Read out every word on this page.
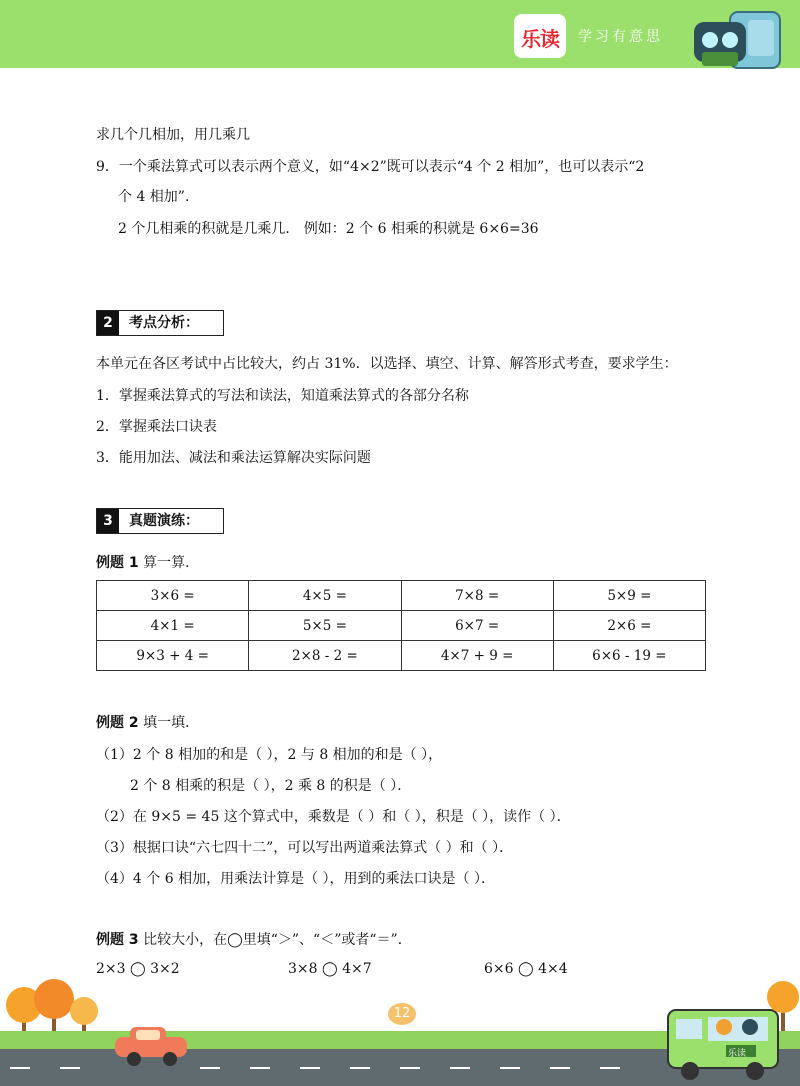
乐读	学习有意思
求几个几相加，用几乘几
9．一个乘法算式可以表示两个意义，如“4×2”既可以表示“4 个 2 相加”，也可以表示“2
个 4 相加”．
2 个几相乘的积就是几乘几． 例如：2 个 6 相乘的积就是 6×6=36
2	考点分析：
本单元在各区考试中占比较大，约占 31%．以选择、填空、计算、解答形式考查，要求学生：
1．掌握乘法算式的写法和读法，知道乘法算式的各部分名称
2．掌握乘法口诀表
3．能用加法、减法和乘法运算解决实际问题
3	真题演练：
例题 1 算一算．
3×6 =	4×5 =	7×8 =	5×9 =
4×1 =	5×5 =	6×7 =	2×6 =
9×3 + 4 =	2×8 - 2 =	4×7 + 9 =	6×6 - 19 =
例题 2 填一填．
（1）2 个 8 相加的和是（ ），2 与 8 相加的和是（ ），
2 个 8 相乘的积是（ ），2 乘 8 的积是（ ）．
（2）在 9×5 = 45 这个算式中，乘数是（ ）和（ ），积是（ ），读作（ ）．
（3）根据口诀“六七四十二”，可以写出两道乘法算式（ ）和（ ）．
（4）4 个 6 相加，用乘法计算是（ ），用到的乘法口诀是（ ）．
例题 3 比较大小，在◯里填“＞”、“＜”或者“＝”．
2×3 ◯ 3×2	3×8 ◯ 4×7	6×6 ◯ 4×4
乐读
12
